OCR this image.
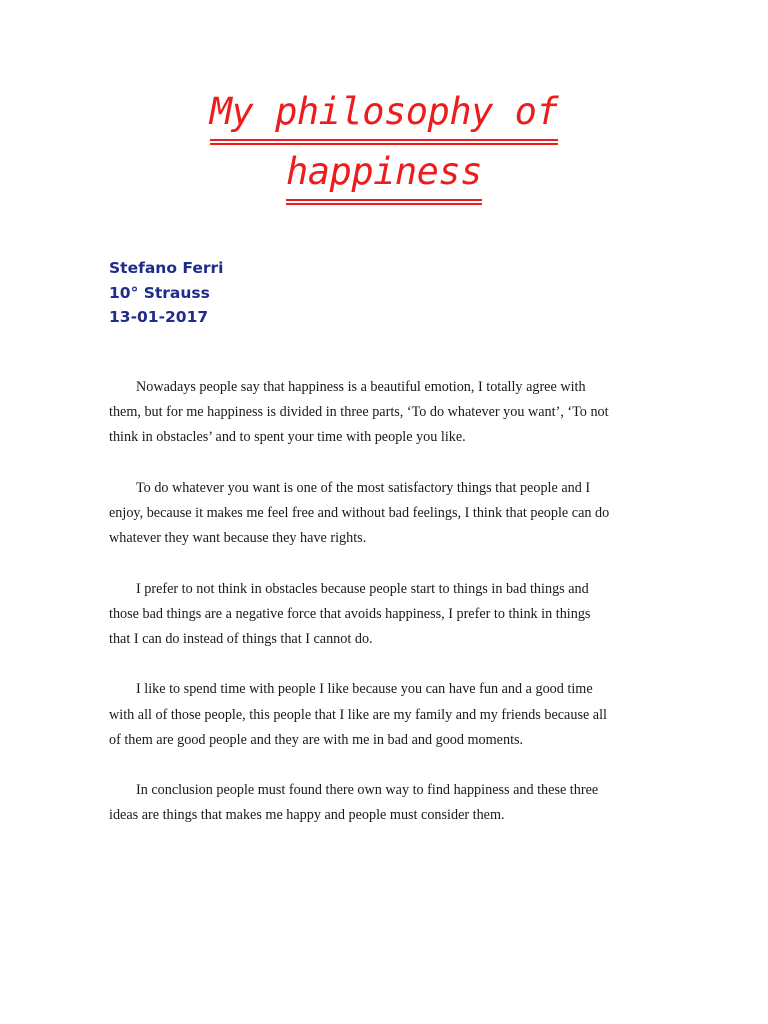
My philosophy of
happiness
Stefano Ferri
10° Strauss
13-01-2017

Nowadays people say that happiness is a beautiful emotion, I totally agree with
them, but for me happiness is divided in three parts, ‘To do whatever you want’, ‘To not
think in obstacles’ and to spent your time with people you like.

To do whatever you want is one of the most satisfactory things that people and I
enjoy, because it makes me feel free and without bad feelings, I think that people can do
whatever they want because they have rights.

I prefer to not think in obstacles because people start to things in bad things and
those bad things are a negative force that avoids happiness, I prefer to think in things
that I can do instead of things that I cannot do.

I like to spend time with people I like because you can have fun and a good time
with all of those people, this people that I like are my family and my friends because all
of them are good people and they are with me in bad and good moments.

In conclusion people must found there own way to find happiness and these three
ideas are things that makes me happy and people must consider them.
